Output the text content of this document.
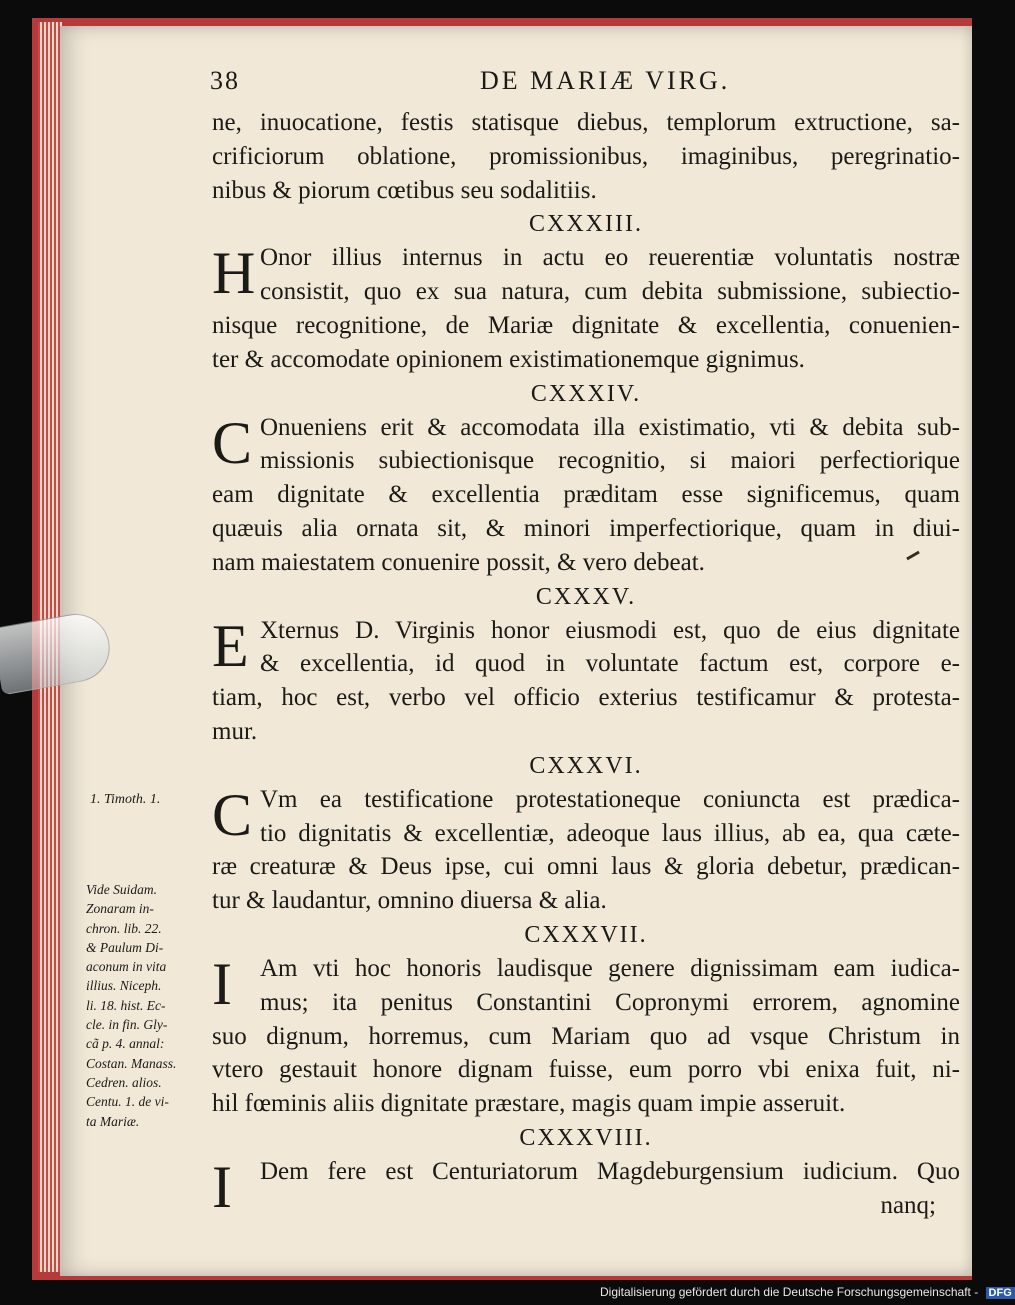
38	DE MARIÆ VIRG.
ne, inuocatione, festis statisque diebus, templorum extructione, sa-
crificiorum oblatione, promissionibus, imaginibus, peregrinatio-
nibus & piorum cœtibus seu sodalitiis.
CXXXIII.
H Onor illius internus in actu eo reuerentiæ voluntatis nostræ
consistit, quo ex sua natura, cum debita submissione, subiectio-
nisque recognitione, de Mariæ dignitate & excellentia, conuenien-
ter & accomodate opinionem existimationemque gignimus.
CXXXIV.
C Onueniens erit & accomodata illa existimatio, vti & debita sub-
missionis subiectionisque recognitio, si maiori perfectiorique
eam dignitate & excellentia præditam esse significemus, quam
quæuis alia ornata sit, & minori imperfectiorique, quam in diui-
nam maiestatem conuenire possit, & vero debeat.
CXXXV.
E Xternus D. Virginis honor eiusmodi est, quo de eius dignitate
& excellentia, id quod in voluntate factum est, corpore e-
tiam, hoc est, verbo vel officio exterius testificamur & protesta-
mur.
CXXXVI.
C Vm ea testificatione protestationeque coniuncta est prædica-
tio dignitatis & excellentiæ, adeoque laus illius, ab ea, qua cæte-
ræ creaturæ & Deus ipse, cui omni laus & gloria debetur, prædican-
tur & laudantur, omnino diuersa & alia.
CXXXVII.
I	Am vti hoc honoris laudisque genere dignissimam eam iudica-
mus; ita penitus Constantini Copronymi errorem, agnomine
suo dignum, horremus, cum Mariam quo ad vsque Christum in
vtero gestauit honore dignam fuisse, eum porro vbi enixa fuit, ni-
hil fœminis aliis dignitate præstare, magis quam impie asseruit.
CXXXVIII.
I	Dem fere est Centuriatorum Magdeburgensium iudicium. Quo
nanq;
1. Timoth. 1.
Vide Suidam.
Zonaram in-
chron. lib. 22.
& Paulum Di-
aconum in vita
illius. Niceph.
li. 18. hist. Ec-
cle. in fin. Gly-
cã p. 4. annal:
Costan. Manass.
Cedren. alios.
Centu. 1. de vi-
ta Mariæ.
Digitalisierung gefördert durch die Deutsche Forschungsgemeinschaft - DFG
